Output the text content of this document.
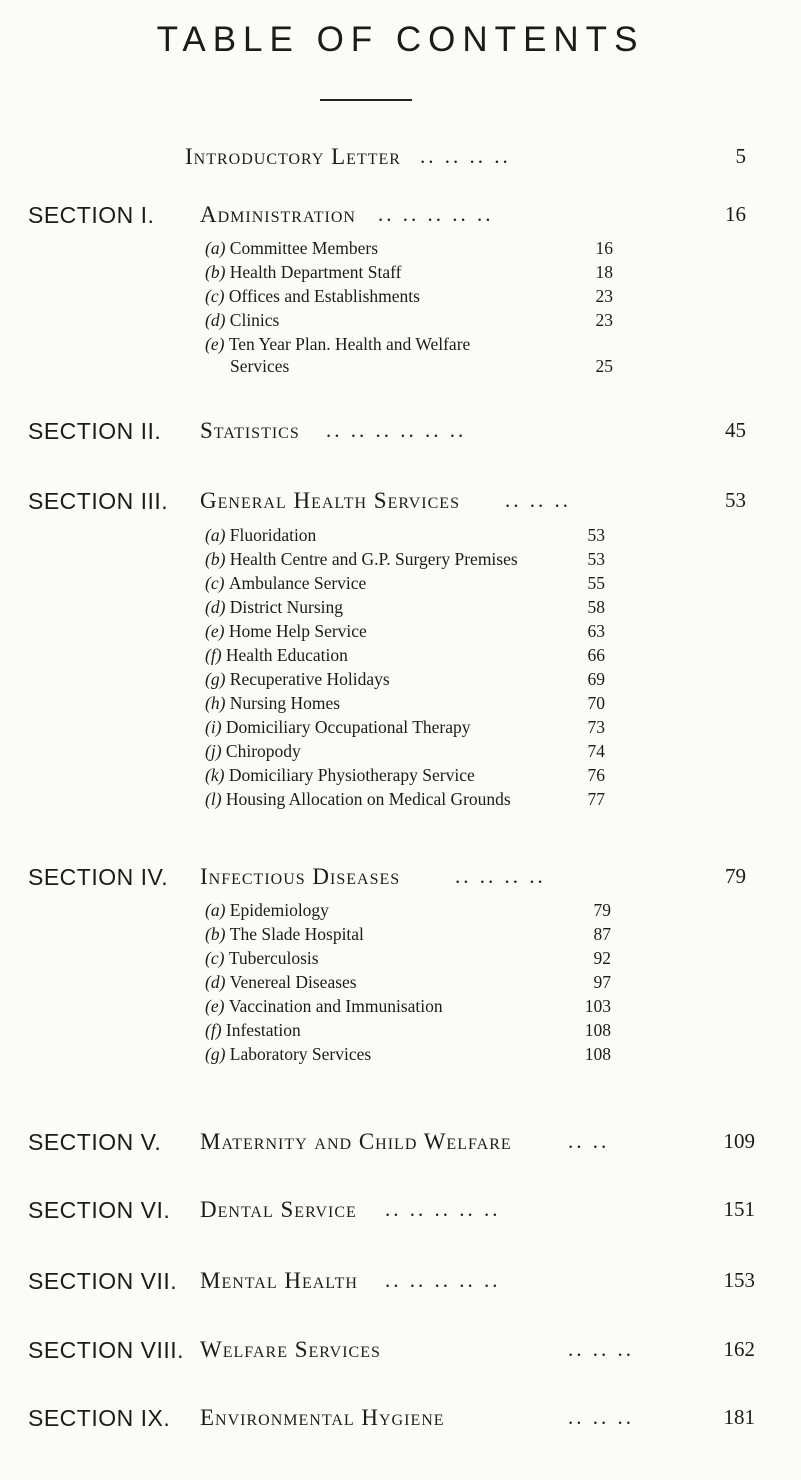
TABLE OF CONTENTS
Introductory Letter .. .. .. ..	5
SECTION I. Administration .. .. .. .. ..	16
(a) Committee Members	16
(b) Health Department Staff	18
(c) Offices and Establishments	23
(d) Clinics	23
(e) Ten Year Plan. Health and Welfare
Services	25
SECTION II. Statistics .. .. .. .. .. ..	45
SECTION III. General Health Services .. .. ..	53
(a) Fluoridation	53
(b) Health Centre and G.P. Surgery Premises	53
(c) Ambulance Service	55
(d) District Nursing	58
(e) Home Help Service	63
(f) Health Education	66
(g) Recuperative Holidays	69
(h) Nursing Homes	70
(i) Domiciliary Occupational Therapy	73
(j) Chiropody	74
(k) Domiciliary Physiotherapy Service	76
(l) Housing Allocation on Medical Grounds	77
SECTION IV. Infectious Diseases	.. .. .. ..	79
(a) Epidemiology	79
(b) The Slade Hospital	87
(c) Tuberculosis	92
(d) Venereal Diseases	97
(e) Vaccination and Immunisation	103
(f) Infestation	108
(g) Laboratory Services	108
SECTION V. Maternity and Child Welfare	.. ..	109
SECTION VI. Dental Service .. .. .. .. ..	151
SECTION VII. Mental Health .. .. .. .. ..	153
SECTION VIII. Welfare Services	.. .. ..	162
SECTION IX. Environmental Hygiene	.. .. ..	181
